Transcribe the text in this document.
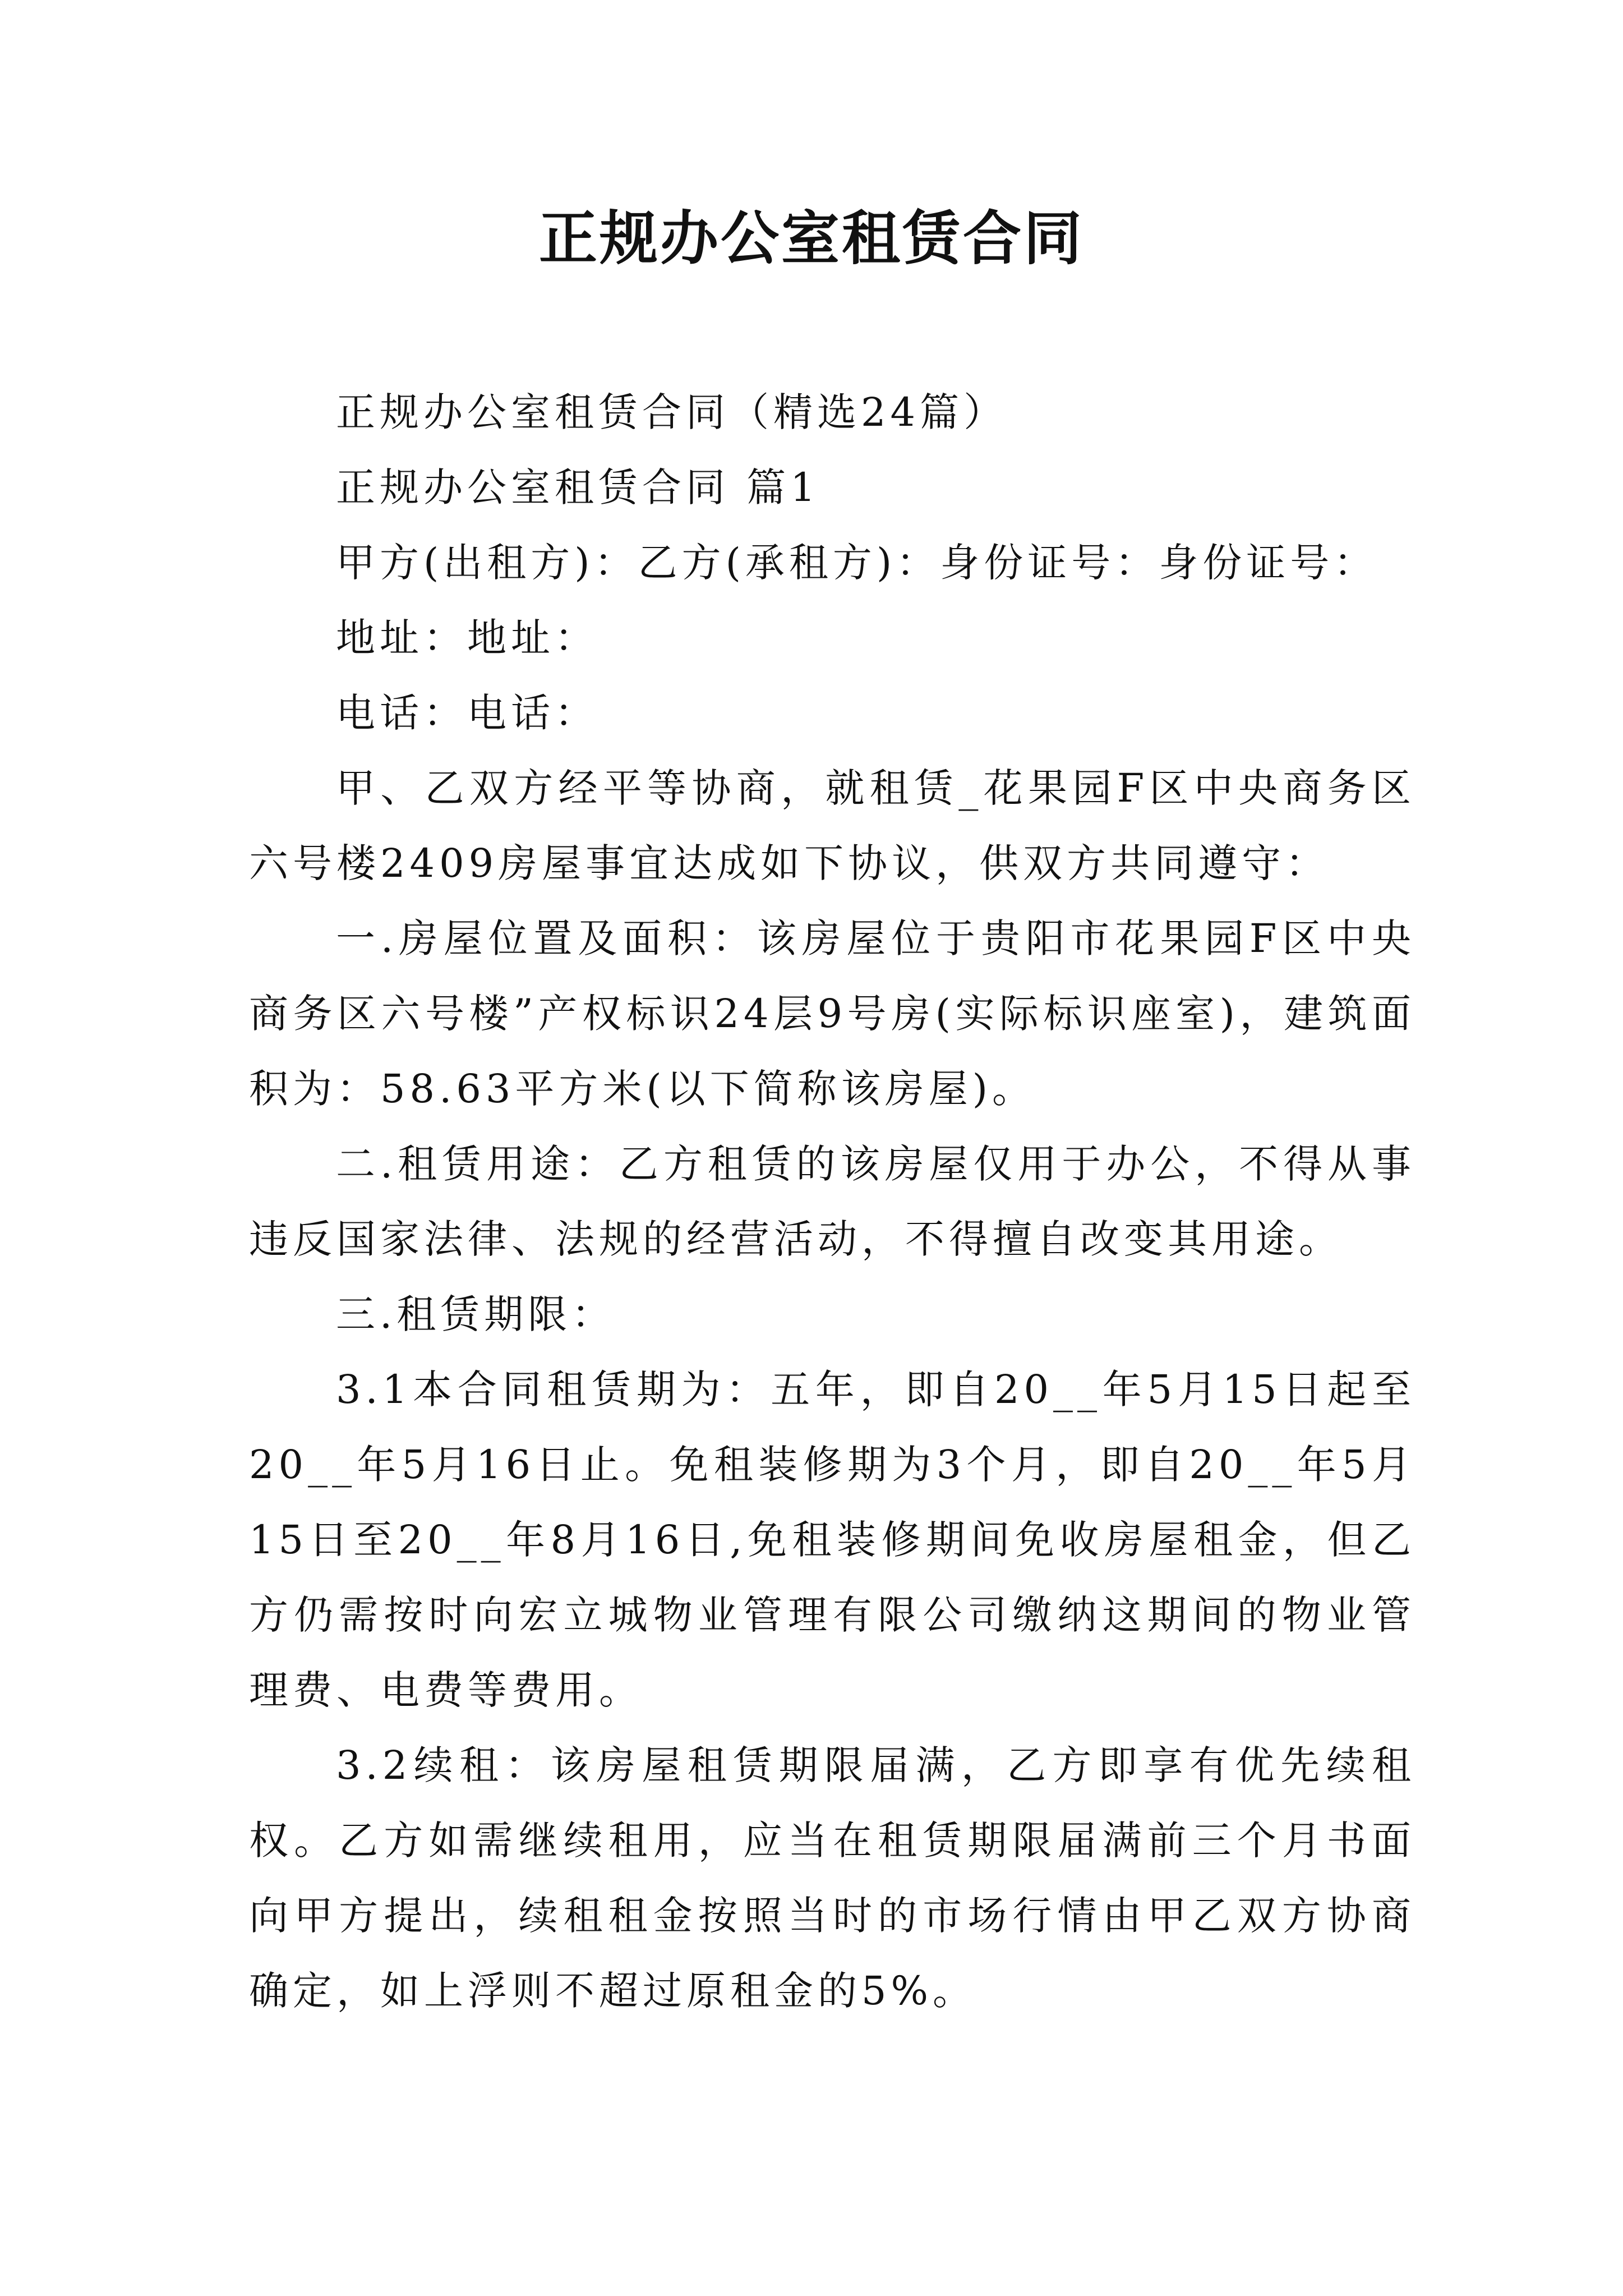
正规办公室租赁合同

正规办公室租赁合同（精选24篇）

正规办公室租赁合同 篇1

甲方(出租方)：乙方(承租方)：身份证号：身份证号：

地址：地址：

电话：电话：

甲、乙双方经平等协商，就租赁_花果园F区中央商务区六号楼2409房屋事宜达成如下协议，供双方共同遵守：

一.房屋位置及面积：该房屋位于贵阳市花果园F区中央商务区六号楼”产权标识24层9号房(实际标识座室)，建筑面积为：58.63平方米(以下简称该房屋)。

二.租赁用途：乙方租赁的该房屋仅用于办公，不得从事违反国家法律、法规的经营活动，不得擅自改变其用途。

三.租赁期限：

3.1本合同租赁期为：五年，即自20__年5月15日起至20__年5月16日止。免租装修期为3个月，即自20__年5月15日至20__年8月16日,免租装修期间免收房屋租金，但乙方仍需按时向宏立城物业管理有限公司缴纳这期间的物业管理费、电费等费用。

3.2续租：该房屋租赁期限届满，乙方即享有优先续租权。乙方如需继续租用，应当在租赁期限届满前三个月书面向甲方提出，续租租金按照当时的市场行情由甲乙双方协商确定，如上浮则不超过原租金的5%。
